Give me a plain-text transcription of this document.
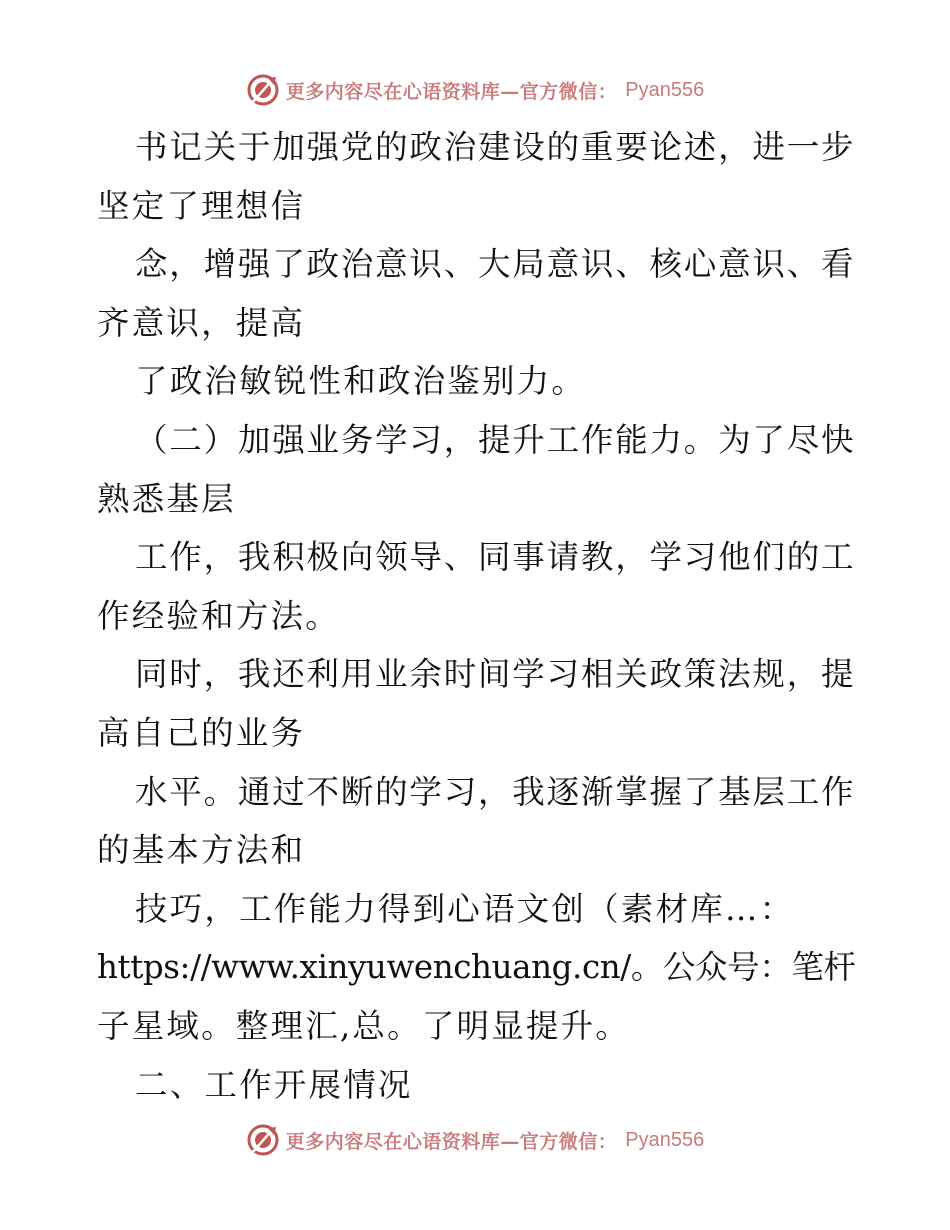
更多内容尽在心语资料库—官方微信： Pyan556
书记关于加强党的政治建设的重要论述，进一步
坚定了理想信
念，增强了政治意识、大局意识、核心意识、看
齐意识，提高
了政治敏锐性和政治鉴别力。
（二）加强业务学习，提升工作能力。为了尽快
熟悉基层
工作，我积极向领导、同事请教，学习他们的工
作经验和方法。
同时，我还利用业余时间学习相关政策法规，提
高自己的业务
水平。通过不断的学习，我逐渐掌握了基层工作
的基本方法和
技巧，工作能力得到心语文创（素材库…：
https://www.xinyuwenchuang.cn/。公众号：笔杆
子星域。整理汇,总。了明显提升。
二、工作开展情况
更多内容尽在心语资料库—官方微信： Pyan556
